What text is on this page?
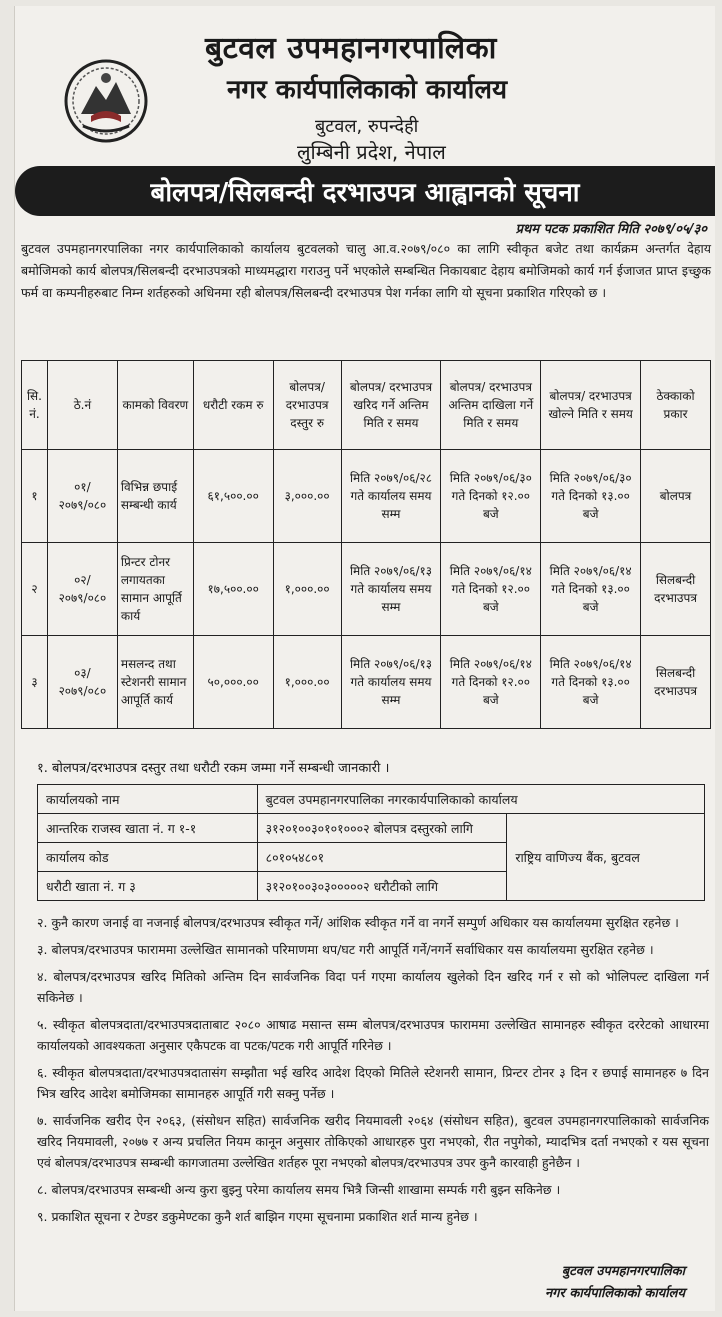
बुटवल उपमहानगरपालिका
नगर कार्यपालिकाको कार्यालय
बुटवल, रुपन्देही
लुम्बिनी प्रदेश, नेपाल
बोलपत्र/सिलबन्दी दरभाउपत्र आह्वानको सूचना
प्रथम पटक प्रकाशित मिति २०७९/०५/३०
बुटवल उपमहानगरपालिका नगर कार्यपालिकाको कार्यालय बुटवलको चालु आ.व.२०७९/०८० का लागि स्वीकृत बजेट तथा कार्यक्रम अन्तर्गत देहाय बमोजिमको कार्य बोलपत्र/सिलबन्दी दरभाउपत्रको माध्यमद्धारा गराउनु पर्ने भएकोले सम्बन्धित निकायबाट देहाय बमोजिमको कार्य गर्न ईजाजत प्राप्त इच्छुक फर्म वा कम्पनीहरुबाट निम्न शर्तहरुको अधिनमा रही बोलपत्र/सिलबन्दी दरभाउपत्र पेश गर्नका लागि यो सूचना प्रकाशित गरिएको छ ।
सि. नं.	ठे.नं	कामको विवरण	धरौटी रकम रु	बोलपत्र/ दरभाउपत्र दस्तुर रु	बोलपत्र/ दरभाउपत्र खरिद गर्ने अन्तिम मिति र समय	बोलपत्र/ दरभाउपत्र अन्तिम दाखिला गर्ने मिति र समय	बोलपत्र/ दरभाउपत्र खोल्ने मिति र समय	ठेक्काको प्रकार
१	०१/ २०७९/०८०	विभिन्न छपाई सम्बन्धी कार्य	६१,५००.००	३,०००.००	मिति २०७९/०६/२८ गते कार्यालय समय सम्म	मिति २०७९/०६/३० गते दिनको १२.०० बजे	मिति २०७९/०६/३० गते दिनको १३.०० बजे	बोलपत्र
२	०२/ २०७९/०८०	प्रिन्टर टोनर लगायतका सामान आपूर्ति कार्य	१७,५००.००	१,०००.००	मिति २०७९/०६/१३ गते कार्यालय समय सम्म	मिति २०७९/०६/१४ गते दिनको १२.०० बजे	मिति २०७९/०६/१४ गते दिनको १३.०० बजे	सिलबन्दी दरभाउपत्र
३	०३/ २०७९/०८०	मसलन्द तथा स्टेशनरी सामान आपूर्ति कार्य	५०,०००.००	१,०००.००	मिति २०७९/०६/१३ गते कार्यालय समय सम्म	मिति २०७९/०६/१४ गते दिनको १२.०० बजे	मिति २०७९/०६/१४ गते दिनको १३.०० बजे	सिलबन्दी दरभाउपत्र
१. बोलपत्र/दरभाउपत्र दस्तुर तथा धरौटी रकम जम्मा गर्ने सम्बन्धी जानकारी ।
कार्यालयको नाम	बुटवल उपमहानगरपालिका नगरकार्यपालिकाको कार्यालय	
आन्तरिक राजस्व खाता नं. ग १-१	३१२०१००३०१०१०००२ बोलपत्र दस्तुरको लागि	राष्ट्रिय वाणिज्य बैंक, बुटवल
कार्यालय कोड	८०१०५४८०१	
धरौटी खाता नं. ग ३	३१२०१००३०३०००००२ धरौटीको लागि	
२. कुनै कारण जनाई वा नजनाई बोलपत्र/दरभाउपत्र स्वीकृत गर्ने/ आंशिक स्वीकृत गर्ने वा नगर्ने सम्पुर्ण अधिकार यस कार्यालयमा सुरक्षित रहनेछ ।
३. बोलपत्र/दरभाउपत्र फाराममा उल्लेखित सामानको परिमाणमा थप/घट गरी आपूर्ति गर्ने/नगर्ने सर्वाधिकार यस कार्यालयमा सुरक्षित रहनेछ ।
४. बोलपत्र/दरभाउपत्र खरिद मितिको अन्तिम दिन सार्वजनिक विदा पर्न गएमा कार्यालय खुलेको दिन खरिद गर्न र सो को भोलिपल्ट दाखिला गर्न सकिनेछ ।
५. स्वीकृत बोलपत्रदाता/दरभाउपत्रदाताबाट २०८० आषाढ मसान्त सम्म बोलपत्र/दरभाउपत्र फाराममा उल्लेखित सामानहरु स्वीकृत दररेटको आधारमा कार्यालयको आवश्यकता अनुसार एकैपटक वा पटक/पटक गरी आपूर्ति गरिनेछ ।
६. स्वीकृत बोलपत्रदाता/दरभाउपत्रदातासंग सम्झौता भई खरिद आदेश दिएको मितिले स्टेशनरी सामान, प्रिन्टर टोनर ३ दिन र छपाई सामानहरु ७ दिन भित्र खरिद आदेश बमोजिमका सामानहरु आपूर्ति गरी सक्नु पर्नेछ ।
७. सार्वजनिक खरीद ऐन २०६३, (संसोधन सहित) सार्वजनिक खरीद नियमावली २०६४ (संसोधन सहित), बुटवल उपमहानगरपालिकाको सार्वजनिक खरिद नियमावली, २०७७ र अन्य प्रचलित नियम कानून अनुसार तोकिएको आधारहरु पुरा नभएको, रीत नपुगेको, म्यादभित्र दर्ता नभएको र यस सूचना एवं बोलपत्र/दरभाउपत्र सम्बन्धी कागजातमा उल्लेखित शर्तहरु पूरा नभएको बोलपत्र/दरभाउपत्र उपर कुनै कारवाही हुनेछैन ।
८. बोलपत्र/दरभाउपत्र सम्बन्धी अन्य कुरा बुझ्नु परेमा कार्यालय समय भित्रै जिन्सी शाखामा सम्पर्क गरी बुझ्न सकिनेछ ।
९. प्रकाशित सूचना र टेण्डर डकुमेण्टका कुनै शर्त बाझिन गएमा सूचनामा प्रकाशित शर्त मान्य हुनेछ ।
बुटवल उपमहानगरपालिका
नगर कार्यपालिकाको कार्यालय
